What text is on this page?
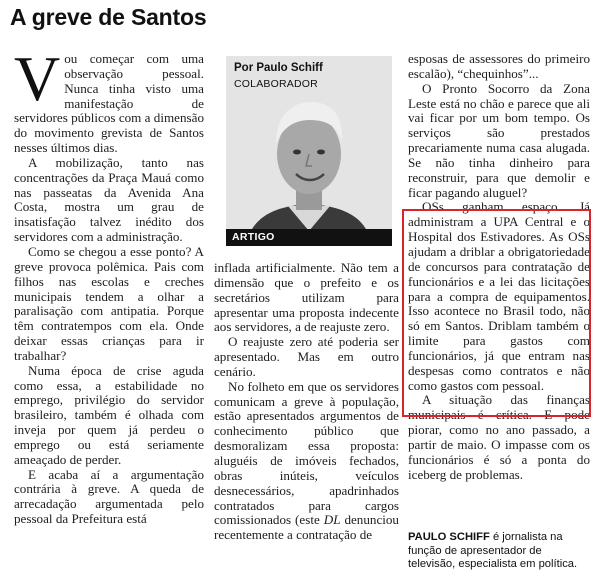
A greve de Santos

Vou começar com uma observação pessoal. Nunca tinha visto uma manifestação de servidores públicos com a dimensão do movimento grevista de Santos nesses últimos dias.

A mobilização, tanto nas concentrações da Praça Mauá como nas passeatas da Avenida Ana Costa, mostra um grau de insatisfação talvez inédito dos servidores com a administração.

Como se chegou a esse ponto? A greve provoca polêmica. Pais com filhos nas escolas e creches municipais tendem a olhar a paralisação com antipatia. Porque têm contratempos com ela. Onde deixar essas crianças para ir trabalhar?

Numa época de crise aguda como essa, a estabilidade no emprego, privilégio do servidor brasileiro, também é olhada com inveja por quem já perdeu o emprego ou está seriamente ameaçado de perder.

E acaba aí a argumentação contrária à greve. A queda de arrecadação argumentada pelo pessoal da Prefeitura está

Por Paulo Schiff
COLABORADOR
ARTIGO

inflada artificialmente. Não tem a dimensão que o prefeito e os secretários utilizam para apresentar uma proposta indecente aos servidores, a de reajuste zero.

O reajuste zero até poderia ser apresentado. Mas em outro cenário.

No folheto em que os servidores comunicam a greve à população, estão apresentados argumentos de conhecimento público que desmoralizam essa proposta: aluguéis de imóveis fechados, obras inúteis, veículos desnecessários, apadrinhados contratados para cargos comissionados (este DL denunciou recentemente a contratação de

esposas de assessores do primeiro escalão), “chequinhos”...

O Pronto Socorro da Zona Leste está no chão e parece que ali vai ficar por um bom tempo. Os serviços são prestados precariamente numa casa alugada. Se não tinha dinheiro para reconstruir, para que demolir e ficar pagando aluguel?

OSs ganham espaço. Já administram a UPA Central e o Hospital dos Estivadores. As OSs ajudam a driblar a obrigatoriedade de concursos para contratação de funcionários e a lei das licitações para a compra de equipamentos. Isso acontece no Brasil todo, não só em Santos. Driblam também o limite para gastos com funcionários, já que entram nas despesas como contratos e não como gastos com pessoal.

A situação das finanças municipais é crítica. E pode piorar, como no ano passado, a partir de maio. O impasse com os funcionários é só a ponta do iceberg de problemas.

PAULO SCHIFF é jornalista na função de apresentador de televisão, especialista em política.
